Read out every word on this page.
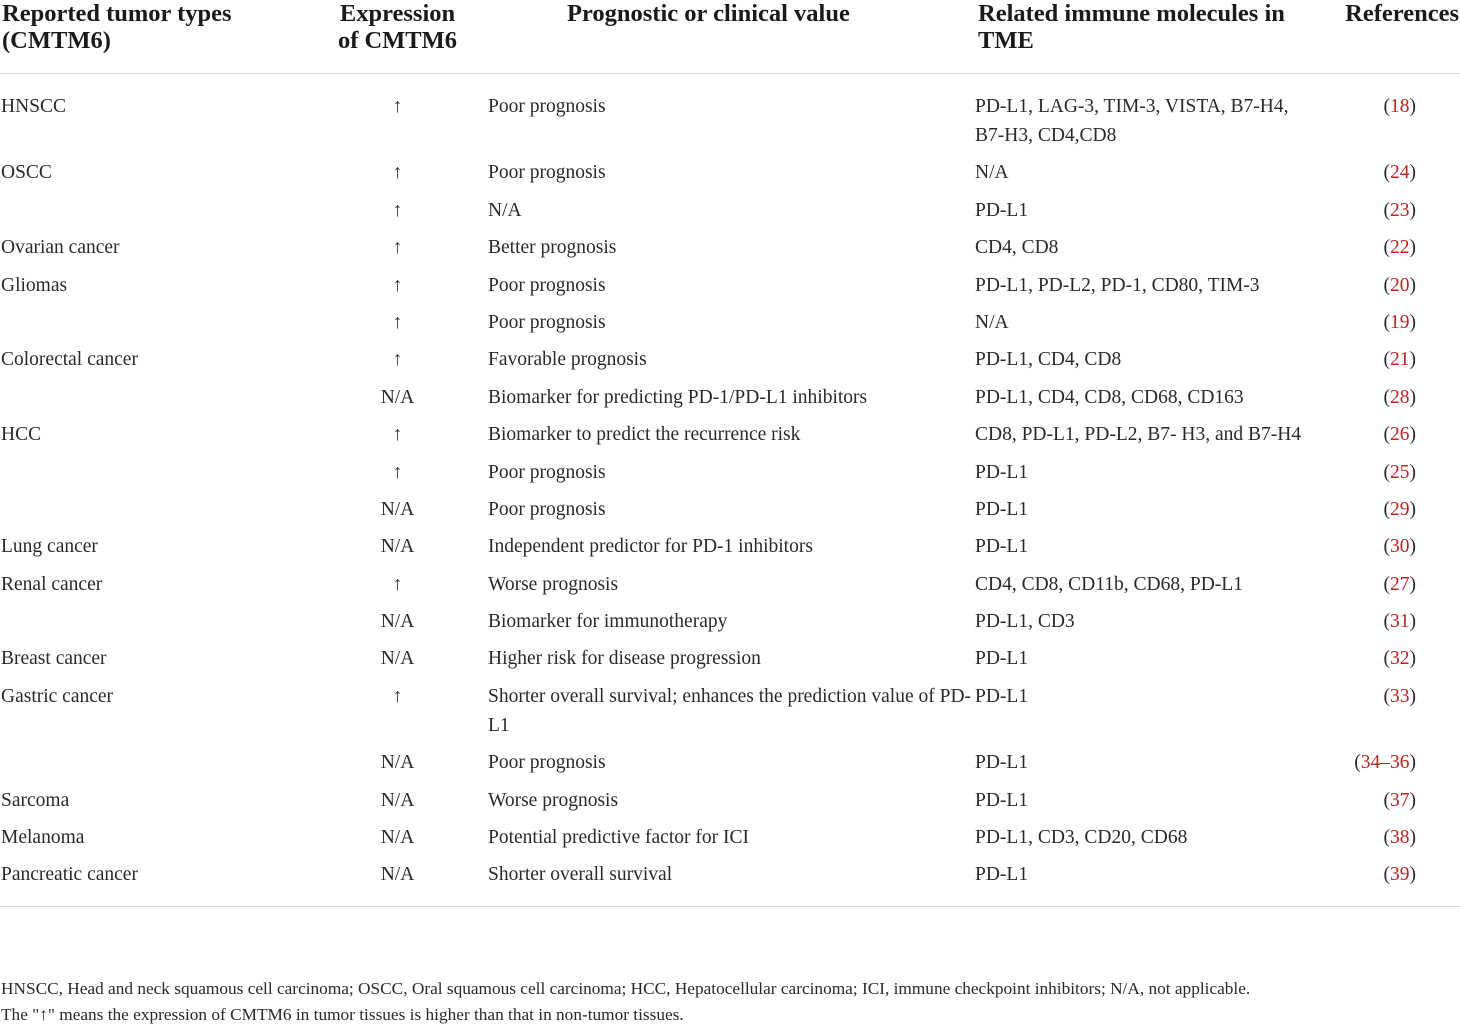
Reported tumor types (CMTM6)	Expression of CMTM6	Prognostic or clinical value	Related immune molecules in TME	References
HNSCC	↑	Poor prognosis	PD-L1, LAG-3, TIM-3, VISTA, B7-H4, B7-H3, CD4,CD8	(18)
OSCC	↑	Poor prognosis	N/A	(24)
	↑	N/A	PD-L1	(23)
Ovarian cancer	↑	Better prognosis	CD4, CD8	(22)
Gliomas	↑	Poor prognosis	PD-L1, PD-L2, PD-1, CD80, TIM-3	(20)
	↑	Poor prognosis	N/A	(19)
Colorectal cancer	↑	Favorable prognosis	PD-L1, CD4, CD8	(21)
	N/A	Biomarker for predicting PD-1/PD-L1 inhibitors	PD-L1, CD4, CD8, CD68, CD163	(28)
HCC	↑	Biomarker to predict the recurrence risk	CD8, PD-L1, PD-L2, B7- H3, and B7-H4	(26)
	↑	Poor prognosis	PD-L1	(25)
	N/A	Poor prognosis	PD-L1	(29)
Lung cancer	N/A	Independent predictor for PD-1 inhibitors	PD-L1	(30)
Renal cancer	↑	Worse prognosis	CD4, CD8, CD11b, CD68, PD-L1	(27)
	N/A	Biomarker for immunotherapy	PD-L1, CD3	(31)
Breast cancer	N/A	Higher risk for disease progression	PD-L1	(32)
Gastric cancer	↑	Shorter overall survival; enhances the prediction value of PD-L1	PD-L1	(33)
	N/A	Poor prognosis	PD-L1	(34–36)
Sarcoma	N/A	Worse prognosis	PD-L1	(37)
Melanoma	N/A	Potential predictive factor for ICI	PD-L1, CD3, CD20, CD68	(38)
Pancreatic cancer	N/A	Shorter overall survival	PD-L1	(39)

HNSCC, Head and neck squamous cell carcinoma; OSCC, Oral squamous cell carcinoma; HCC, Hepatocellular carcinoma; ICI, immune checkpoint inhibitors; N/A, not applicable.

The "↑" means the expression of CMTM6 in tumor tissues is higher than that in non-tumor tissues.
